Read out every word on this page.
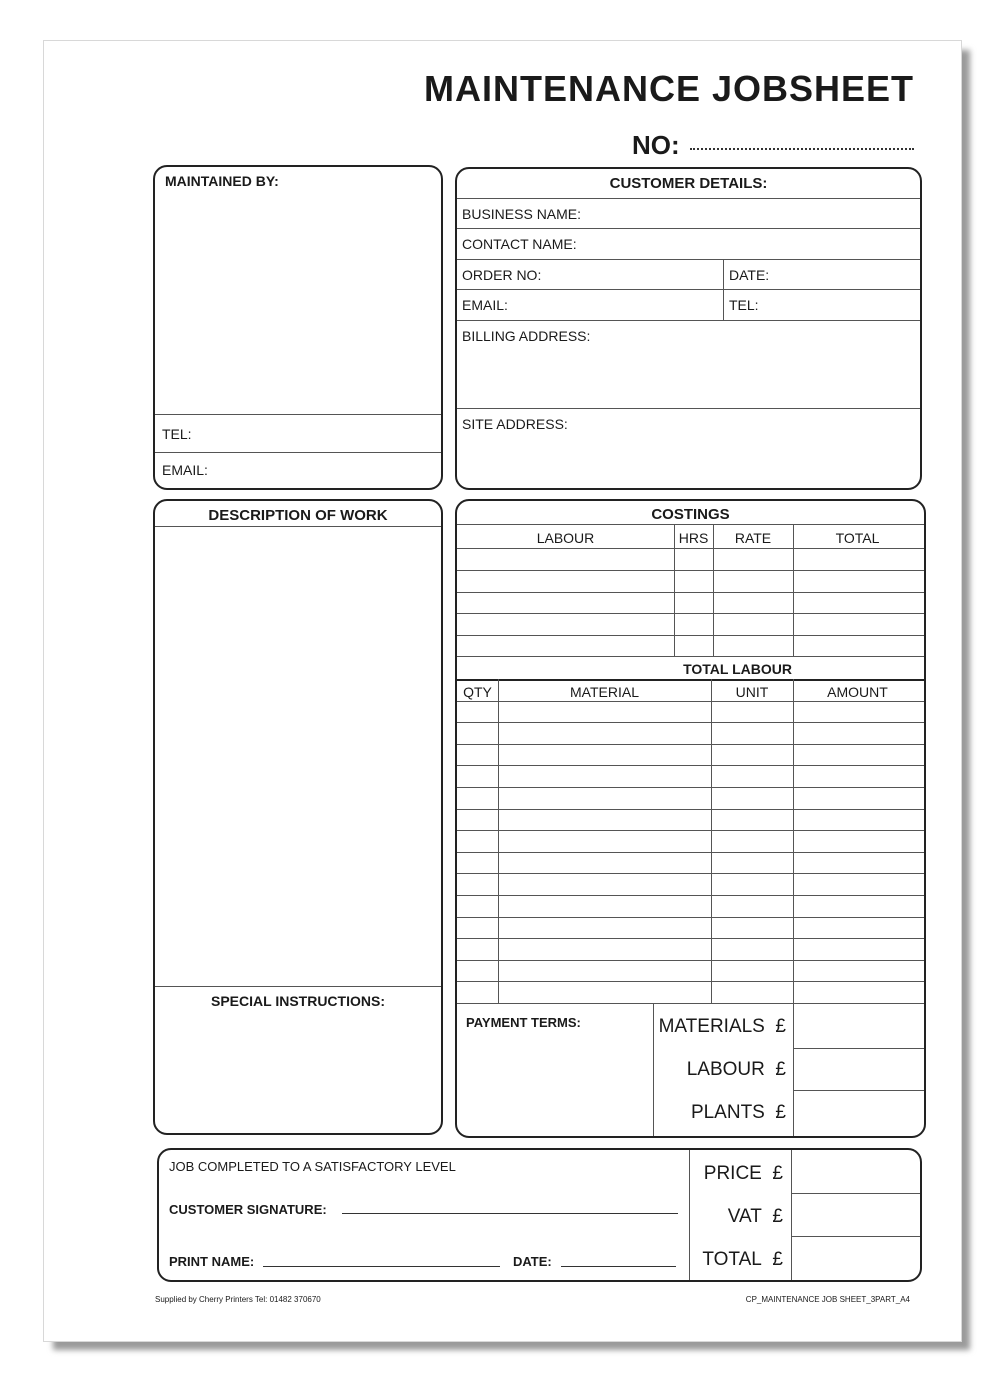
MAINTENANCE JOBSHEET
NO:
MAINTAINED BY:
TEL:
EMAIL:
CUSTOMER DETAILS:
BUSINESS NAME:
CONTACT NAME:
ORDER NO:	DATE:
EMAIL:	TEL:
BILLING ADDRESS:
SITE ADDRESS:
DESCRIPTION OF WORK
SPECIAL INSTRUCTIONS:
COSTINGS
LABOUR	HRS	RATE	TOTAL
TOTAL LABOUR
QTY	MATERIAL	UNIT	AMOUNT
PAYMENT TERMS:	MATERIALS £
LABOUR £
PLANTS £
JOB COMPLETED TO A SATISFACTORY LEVEL
CUSTOMER SIGNATURE:
PRINT NAME:	DATE:
PRICE £
VAT £
TOTAL £
Supplied by Cherry Printers Tel: 01482 370670	CP_MAINTENANCE JOB SHEET_3PART_A4
